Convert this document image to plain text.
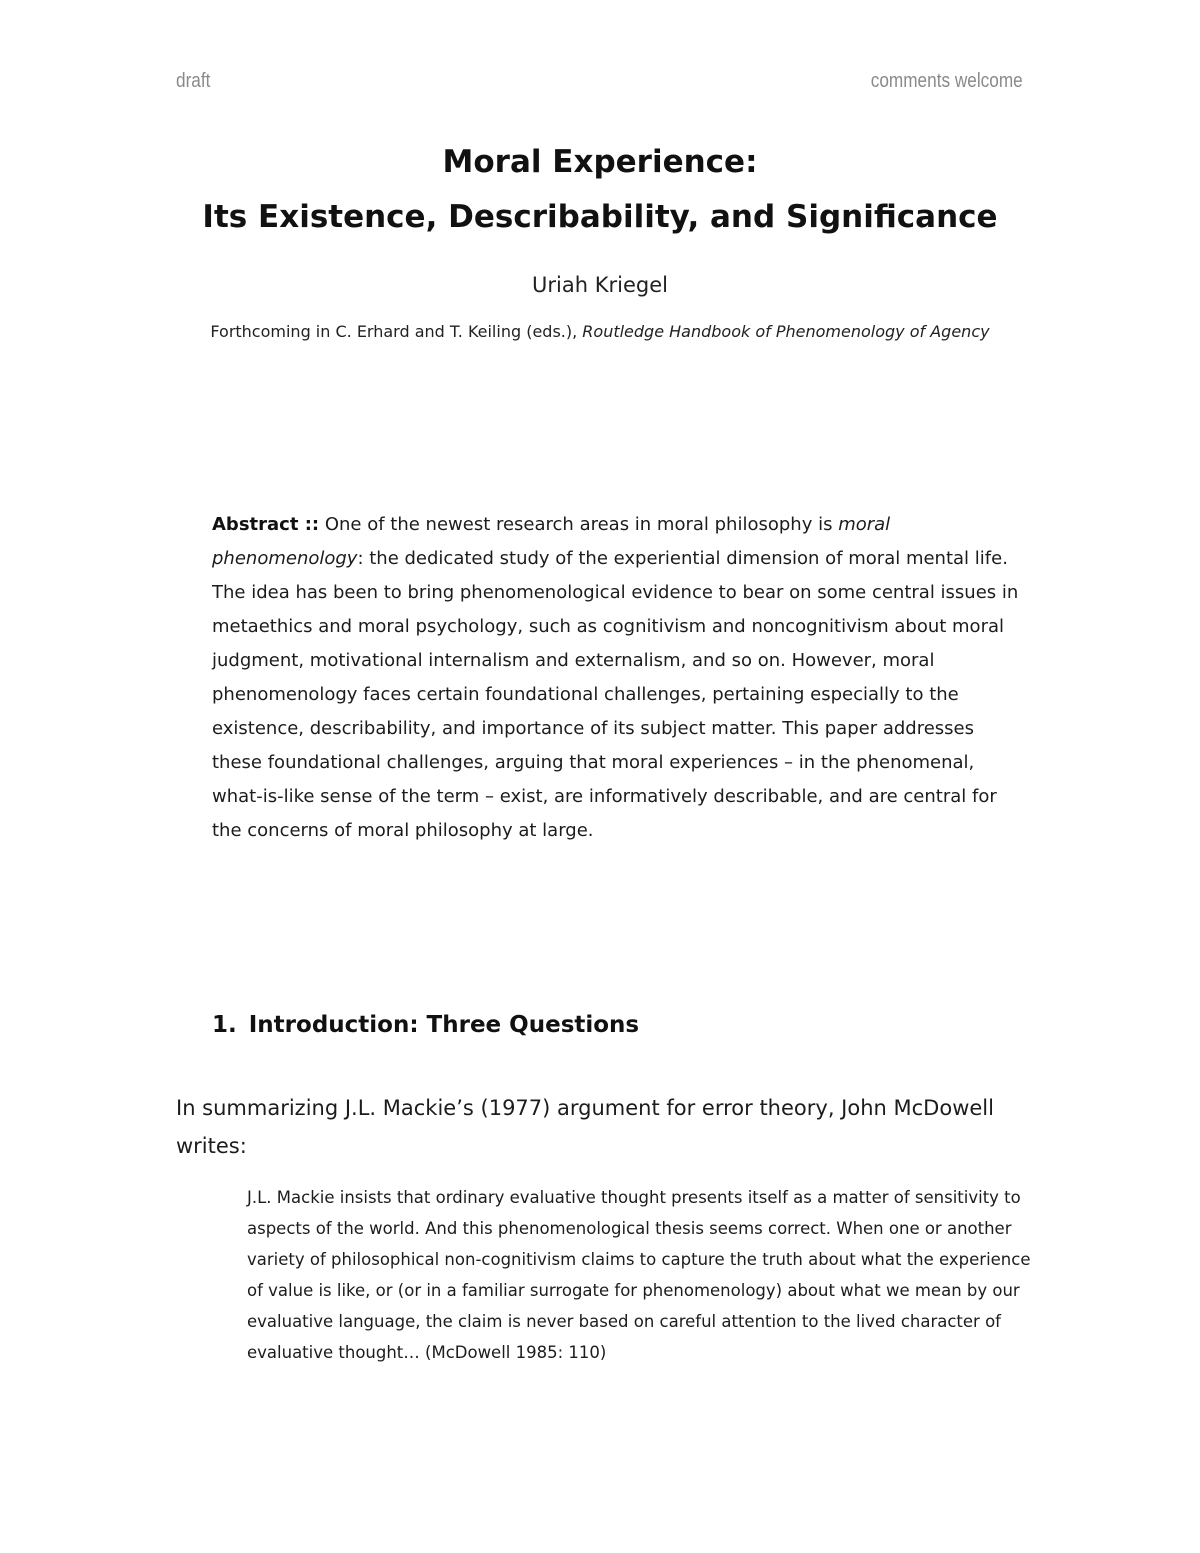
draft	comments welcome
Moral Experience:
Its Existence, Describability, and Significance
Uriah Kriegel
Forthcoming in C. Erhard and T. Keiling (eds.), Routledge Handbook of Phenomenology of Agency

Abstract :: One of the newest research areas in moral philosophy is moral phenomenology: the dedicated study of the experiential dimension of moral mental life. The idea has been to bring phenomenological evidence to bear on some central issues in metaethics and moral psychology, such as cognitivism and noncognitivism about moral judgment, motivational internalism and externalism, and so on. However, moral phenomenology faces certain foundational challenges, pertaining especially to the existence, describability, and importance of its subject matter. This paper addresses these foundational challenges, arguing that moral experiences – in the phenomenal, what-is-like sense of the term – exist, are informatively describable, and are central for the concerns of moral philosophy at large.

1. Introduction: Three Questions

In summarizing J.L. Mackie’s (1977) argument for error theory, John McDowell writes:

J.L. Mackie insists that ordinary evaluative thought presents itself as a matter of sensitivity to aspects of the world. And this phenomenological thesis seems correct. When one or another variety of philosophical non-cognitivism claims to capture the truth about what the experience of value is like, or (or in a familiar surrogate for phenomenology) about what we mean by our evaluative language, the claim is never based on careful attention to the lived character of evaluative thought… (McDowell 1985: 110)
